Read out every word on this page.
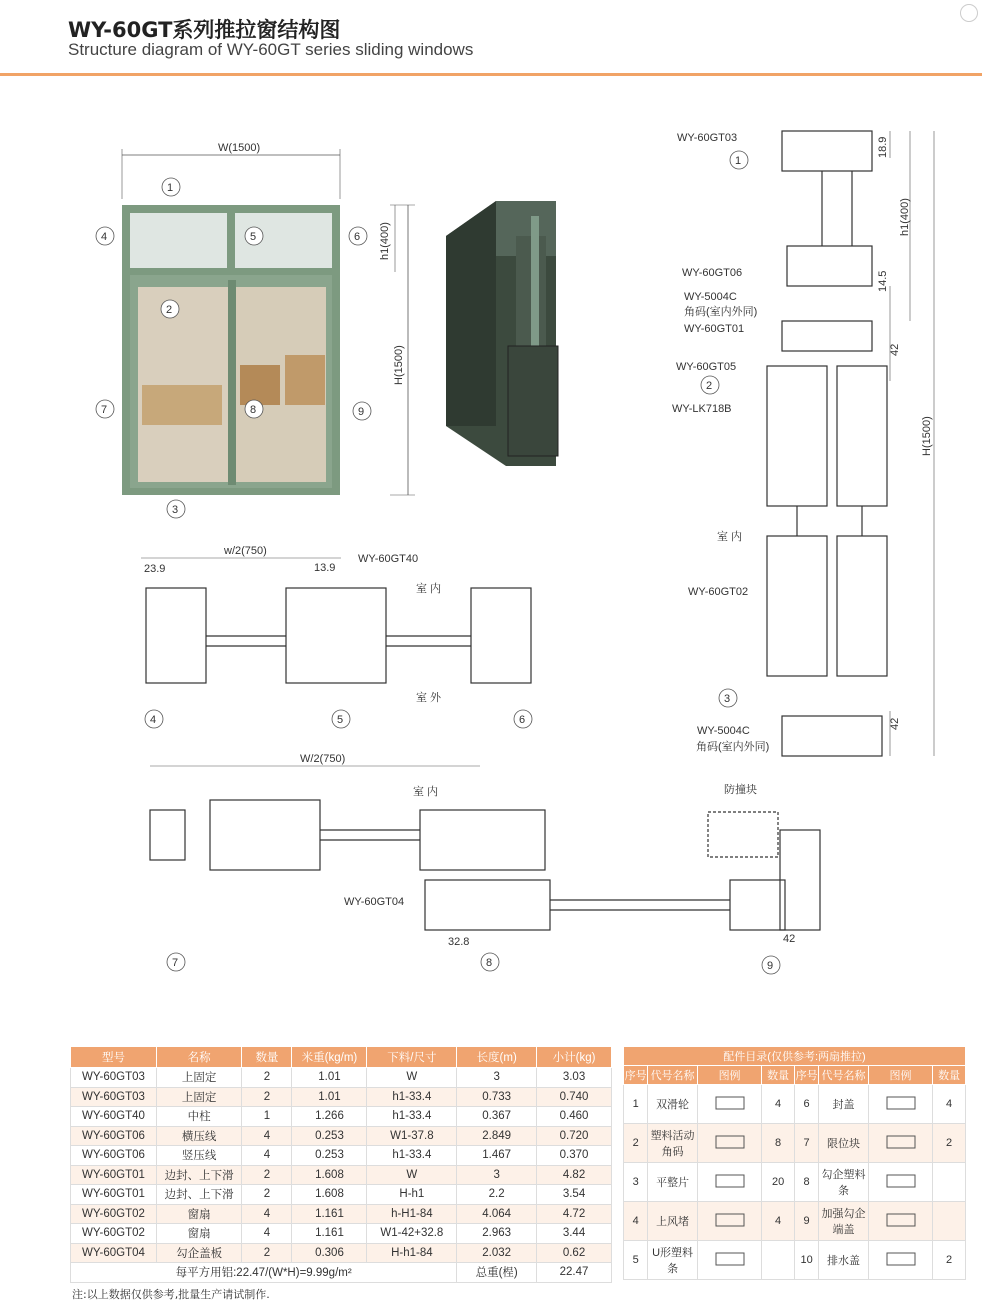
WY-60GT系列推拉窗结构图
Structure diagram of WY-60GT series sliding windows
W(1500)
H(1500)
h1(400)
1
2
3
4	5	6
7	8	9
WY-60GT03
WY-60GT06
WY-5004C
角码(室内外同)
WY-60GT01
WY-60GT05
WY-LK718B
室 内
WY-60GT02
WY-5004C
角码(室内外同)
18.9
14.5
42
42
h1(400)
H(1500)
1
2
3
w/2(750)
23.9	13.9
WY-60GT40
室 内
室 外
4	5	6
W/2(750)
室 内
WY-60GT04
防撞块
32.8	42
7	8	9
型号	名称	数量	米重(kg/m)	下料/尺寸	长度(m)	小计(kg)
WY-60GT03	上固定	2	1.01	W	3	3.03
WY-60GT03	上固定	2	1.01	h1-33.4	0.733	0.740
WY-60GT40	中柱	1	1.266	h1-33.4	0.367	0.460
WY-60GT06	横压线	4	0.253	W1-37.8	2.849	0.720
WY-60GT06	竖压线	4	0.253	h1-33.4	1.467	0.370
WY-60GT01	边封、上下滑	2	1.608	W	3	4.82
WY-60GT01	边封、上下滑	2	1.608	H-h1	2.2	3.54
WY-60GT02	窗扇	4	1.161	h-H1-84	4.064	4.72
WY-60GT02	窗扇	4	1.161	W1-42+32.8	2.963	3.44
WY-60GT04	勾企盖板	2	0.306	H-h1-84	2.032	0.62
每平方用铝:22.47/(W*H)=9.99g/m²					总重(桯)	22.47
配件目录(仅供参考:两扇推拉)							
序号	代号名称	图例	数量	序号	代号名称	图例	数量
1	双滑轮		4	6	封盖		4
2	塑料活动角码		8	7	限位块		2
3	平整片		20	8	勾企塑料条		
4	上风堵		4	9	加强勾企端盖		
5	U形塑料条			10	排水盖		2
注:以上数据仅供参考,批量生产请试制作.
